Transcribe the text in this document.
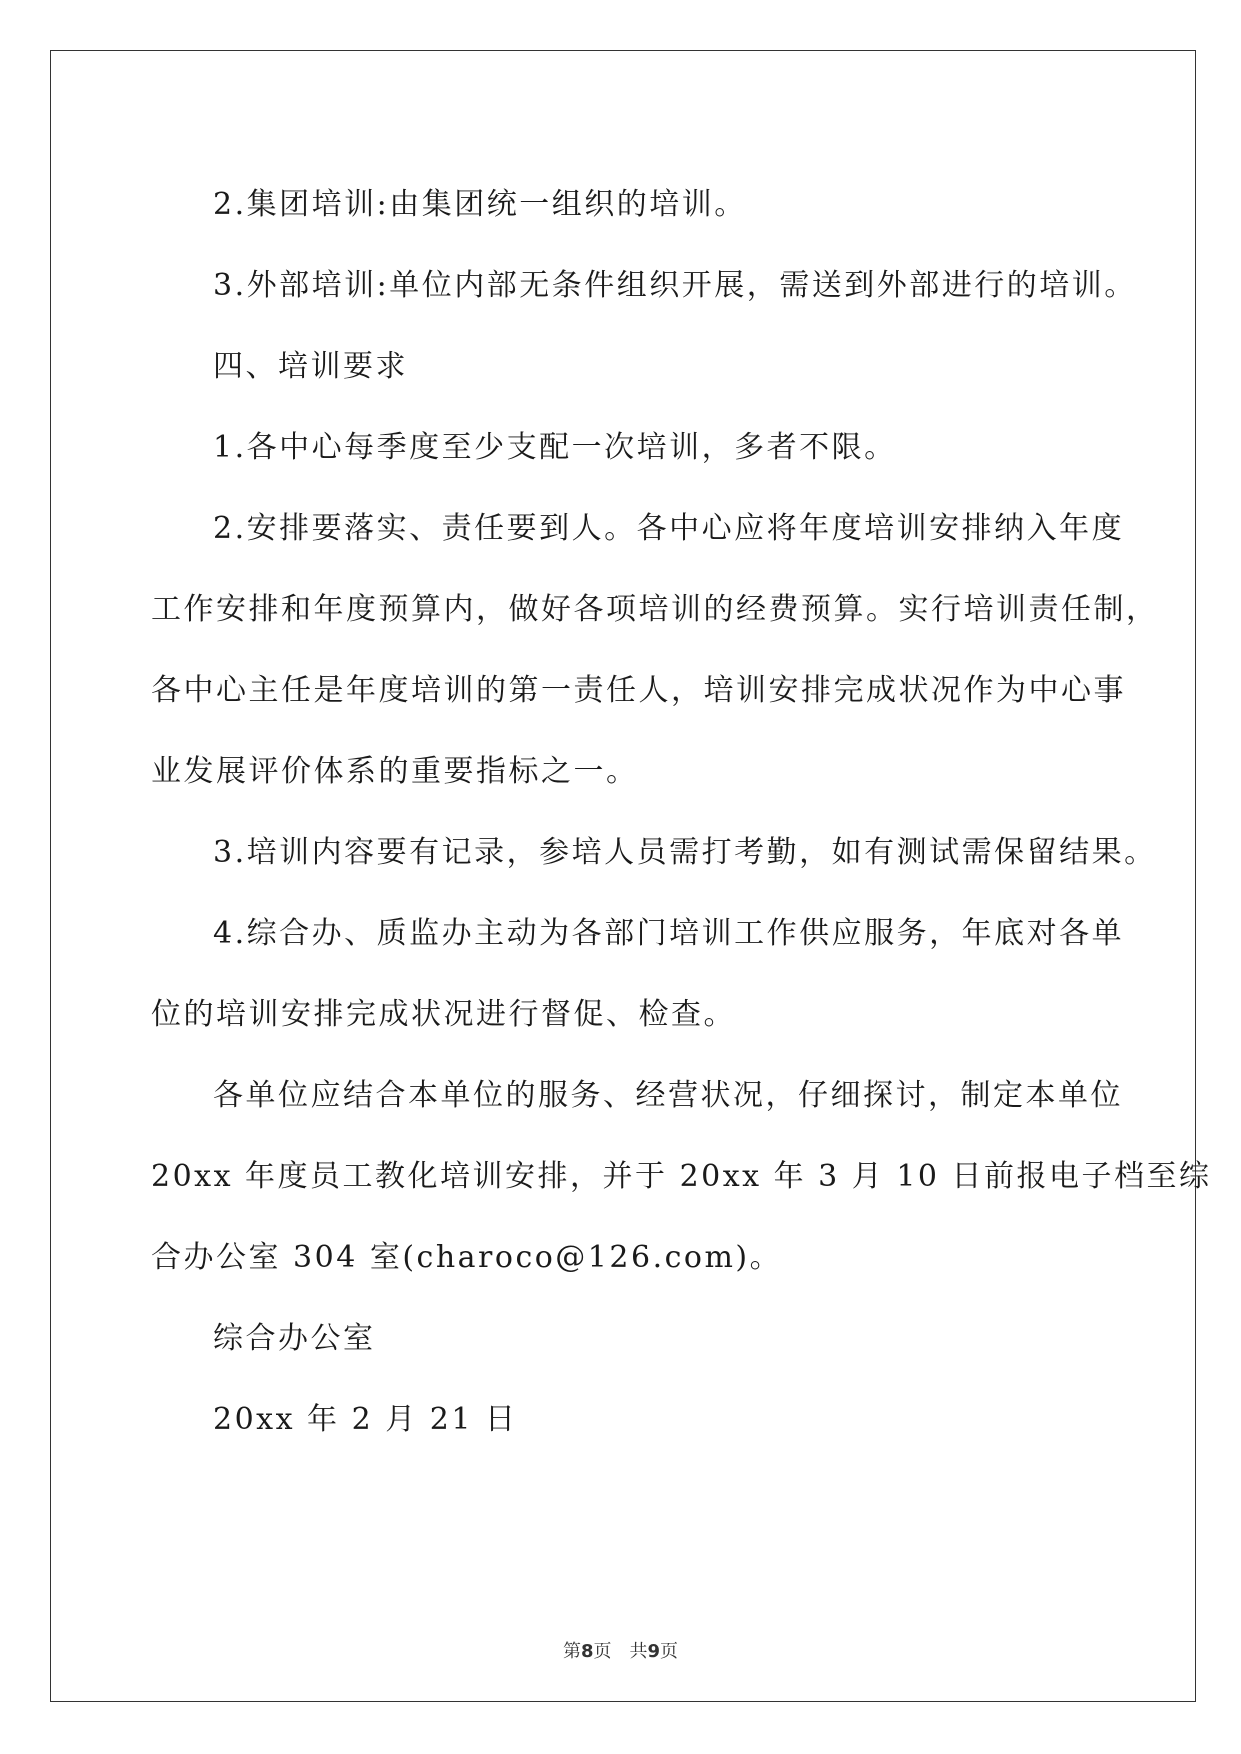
2.集团培训:由集团统一组织的培训。

3.外部培训:单位内部无条件组织开展，需送到外部进行的培训。

四、培训要求

1.各中心每季度至少支配一次培训，多者不限。

2.安排要落实、责任要到人。各中心应将年度培训安排纳入年度
工作安排和年度预算内，做好各项培训的经费预算。实行培训责任制，
各中心主任是年度培训的第一责任人，培训安排完成状况作为中心事
业发展评价体系的重要指标之一。

3.培训内容要有记录，参培人员需打考勤，如有测试需保留结果。

4.综合办、质监办主动为各部门培训工作供应服务，年底对各单
位的培训安排完成状况进行督促、检查。

各单位应结合本单位的服务、经营状况，仔细探讨，制定本单位
20xx 年度员工教化培训安排，并于 20xx 年 3 月 10 日前报电子档至综
合办公室 304 室(charoco@126.com)。

综合办公室

20xx 年 2 月 21 日

第8页　共9页
